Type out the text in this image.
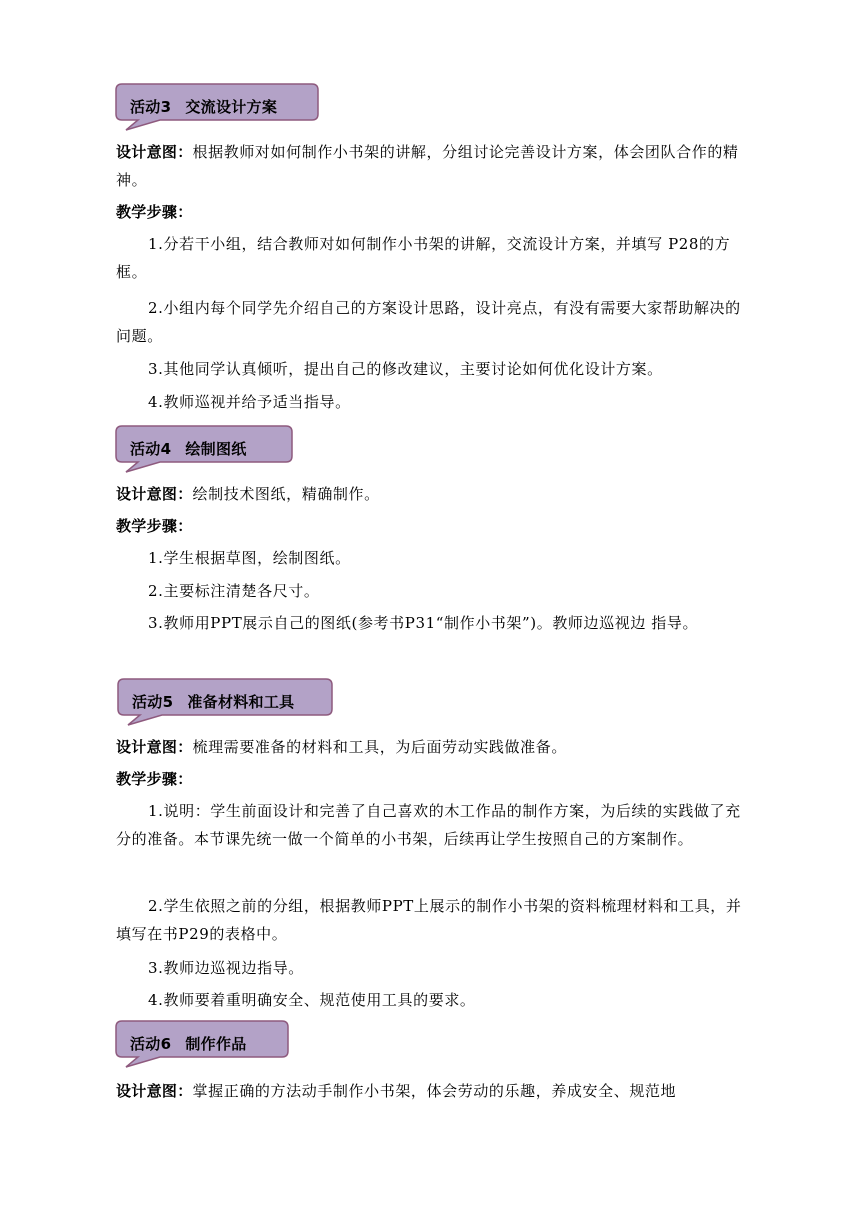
活动3 交流设计方案

设计意图：根据教师对如何制作小书架的讲解，分组讨论完善设计方案，体会团队合作的精神。

教学步骤：

1.分若干小组，结合教师对如何制作小书架的讲解，交流设计方案，并填写 P28的方框。

2.小组内每个同学先介绍自己的方案设计思路，设计亮点，有没有需要大家帮助解决的问题。

3.其他同学认真倾听，提出自己的修改建议，主要讨论如何优化设计方案。

4.教师巡视并给予适当指导。

活动4 绘制图纸

设计意图：绘制技术图纸，精确制作。

教学步骤：

1.学生根据草图，绘制图纸。

2.主要标注清楚各尺寸。

3.教师用PPT展示自己的图纸(参考书P31“制作小书架”)。教师边巡视边 指导。

活动5 准备材料和工具

设计意图：梳理需要准备的材料和工具，为后面劳动实践做准备。

教学步骤：

1.说明：学生前面设计和完善了自己喜欢的木工作品的制作方案，为后续的实践做了充分的准备。本节课先统一做一个简单的小书架，后续再让学生按照自己的方案制作。

2.学生依照之前的分组，根据教师PPT上展示的制作小书架的资料梳理材料和工具，并填写在书P29的表格中。

3.教师边巡视边指导。

4.教师要着重明确安全、规范使用工具的要求。

活动6 制作作品

设计意图：掌握正确的方法动手制作小书架，体会劳动的乐趣，养成安全、规范地
